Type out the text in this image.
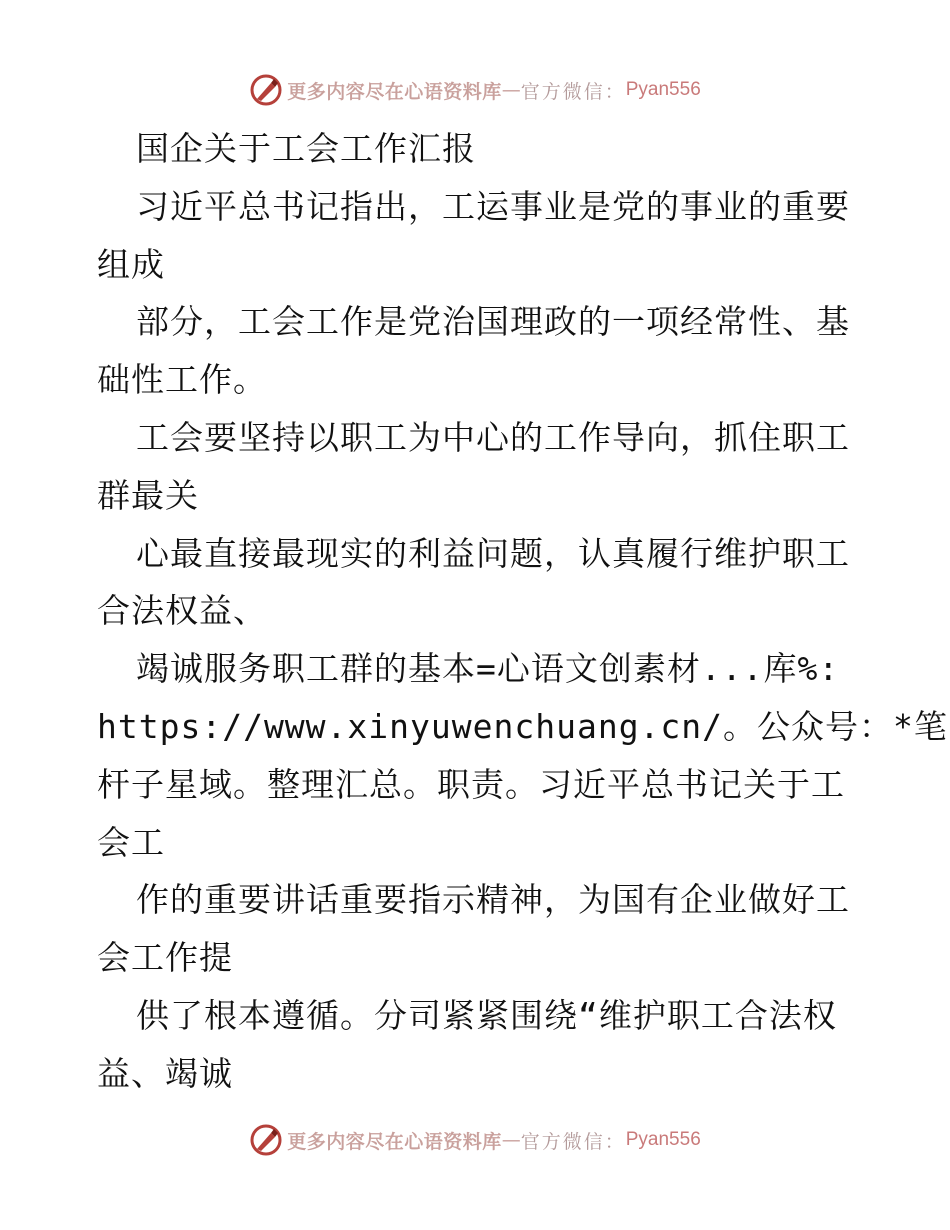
更多内容尽在心语资料库 — 官方微信： Pyan556
国企关于工会工作汇报
习近平总书记指出，工运事业是党的事业的重要
组成
部分，工会工作是党治国理政的一项经常性、基
础性工作。
工会要坚持以职工为中心的工作导向，抓住职工
群最关
心最直接最现实的利益问题，认真履行维护职工
合法权益、
竭诚服务职工群的基本=心语文创素材...库%:
https://www.xinyuwenchuang.cn/。公众号：*笔
杆子星域。整理汇总。职责。习近平总书记关于工
会工
作的重要讲话重要指示精神，为国有企业做好工
会工作提
供了根本遵循。分司紧紧围绕“维护职工合法权
益、竭诚
更多内容尽在心语资料库 — 官方微信： Pyan556
